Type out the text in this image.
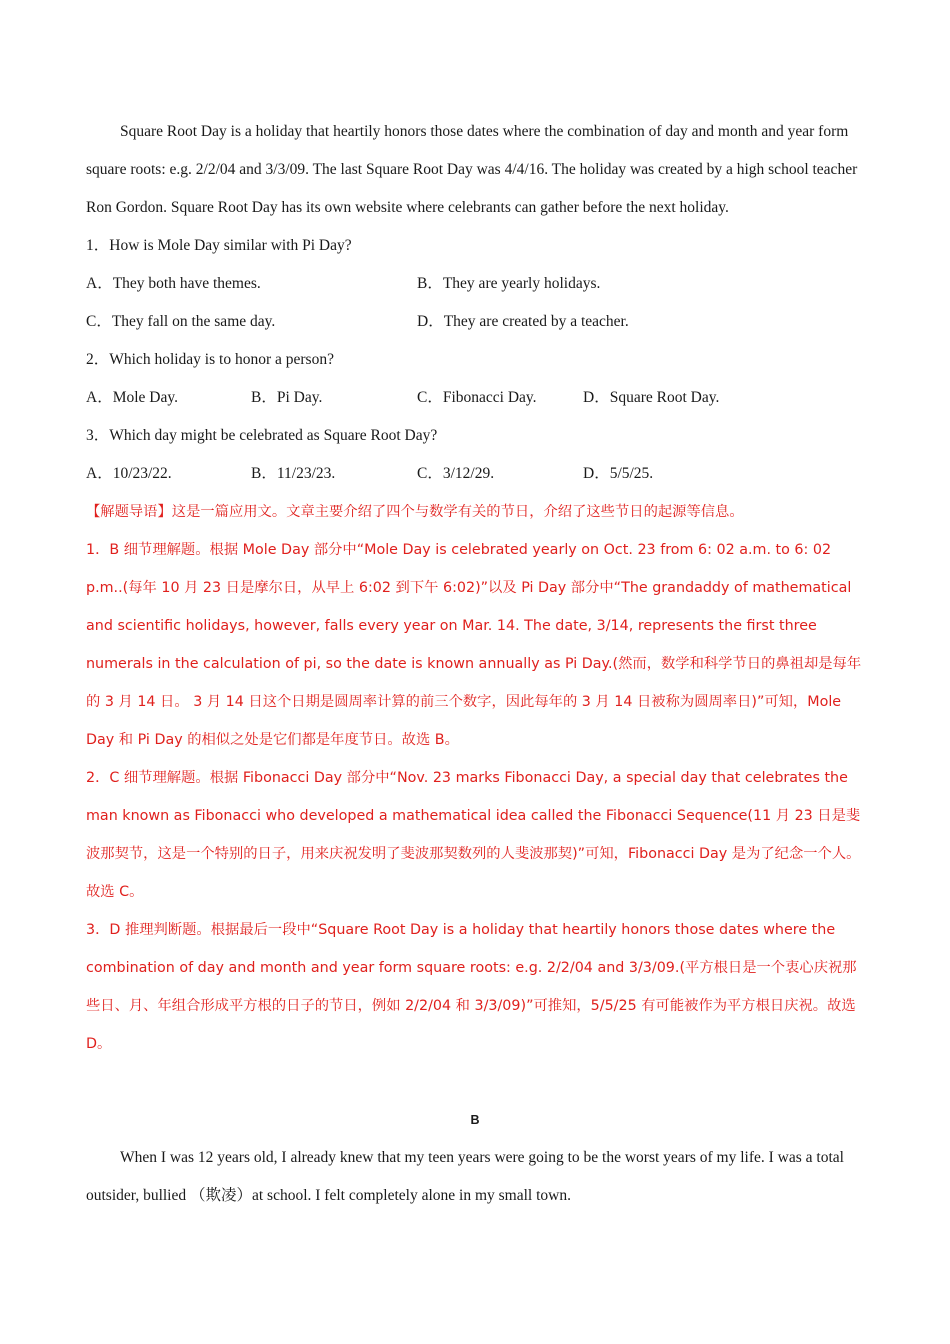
Square Root Day is a holiday that heartily honors those dates where the combination of day and month and year form square roots: e.g. 2/2/04 and 3/3/09. The last Square Root Day was 4/4/16. The holiday was created by a high school teacher Ron Gordon. Square Root Day has its own website where celebrants can gather before the next holiday.

1．How is Mole Day similar with Pi Day?

A．They both have themes.	B．They are yearly holidays.
C．They fall on the same day.	D．They are created by a teacher.

2．Which holiday is to honor a person?

A．Mole Day.	B．Pi Day.	C．Fibonacci Day.	D．Square Root Day.

3．Which day might be celebrated as Square Root Day?

A．10/23/22.	B．11/23/23.	C．3/12/29.	D．5/5/25.

【解题导语】这是一篇应用文。文章主要介绍了四个与数学有关的节日，介绍了这些节日的起源等信息。

1．B 细节理解题。根据 Mole Day 部分中“Mole Day is celebrated yearly on Oct. 23 from 6: 02 a.m. to 6: 02 p.m..(每年 10 月 23 日是摩尔日，从早上 6:02 到下午 6:02)”以及 Pi Day 部分中“The grandaddy of mathematical and scientific holidays, however, falls every year on Mar. 14. The date, 3/14, represents the first three numerals in the calculation of pi, so the date is known annually as Pi Day.(然而，数学和科学节日的鼻祖却是每年的 3 月 14 日。 3 月 14 日这个日期是圆周率计算的前三个数字，因此每年的 3 月 14 日被称为圆周率日)”可知，Mole Day 和 Pi Day 的相似之处是它们都是年度节日。故选 B。

2．C 细节理解题。根据 Fibonacci Day 部分中“Nov. 23 marks Fibonacci Day, a special day that celebrates the man known as Fibonacci who developed a mathematical idea called the Fibonacci Sequence(11 月 23 日是斐波那契节，这是一个特别的日子，用来庆祝发明了斐波那契数列的人斐波那契)”可知，Fibonacci Day 是为了纪念一个人。故选 C。

3．D 推理判断题。根据最后一段中“Square Root Day is a holiday that heartily honors those dates where the combination of day and month and year form square roots: e.g. 2/2/04 and 3/3/09.(平方根日是一个衷心庆祝那些日、月、年组合形成平方根的日子的节日，例如 2/2/04 和 3/3/09)”可推知，5/5/25 有可能被作为平方根日庆祝。故选 D。

B

When I was 12 years old, I already knew that my teen years were going to be the worst years of my life. I was a total outsider, bullied （欺凌）at school. I felt completely alone in my small town.
